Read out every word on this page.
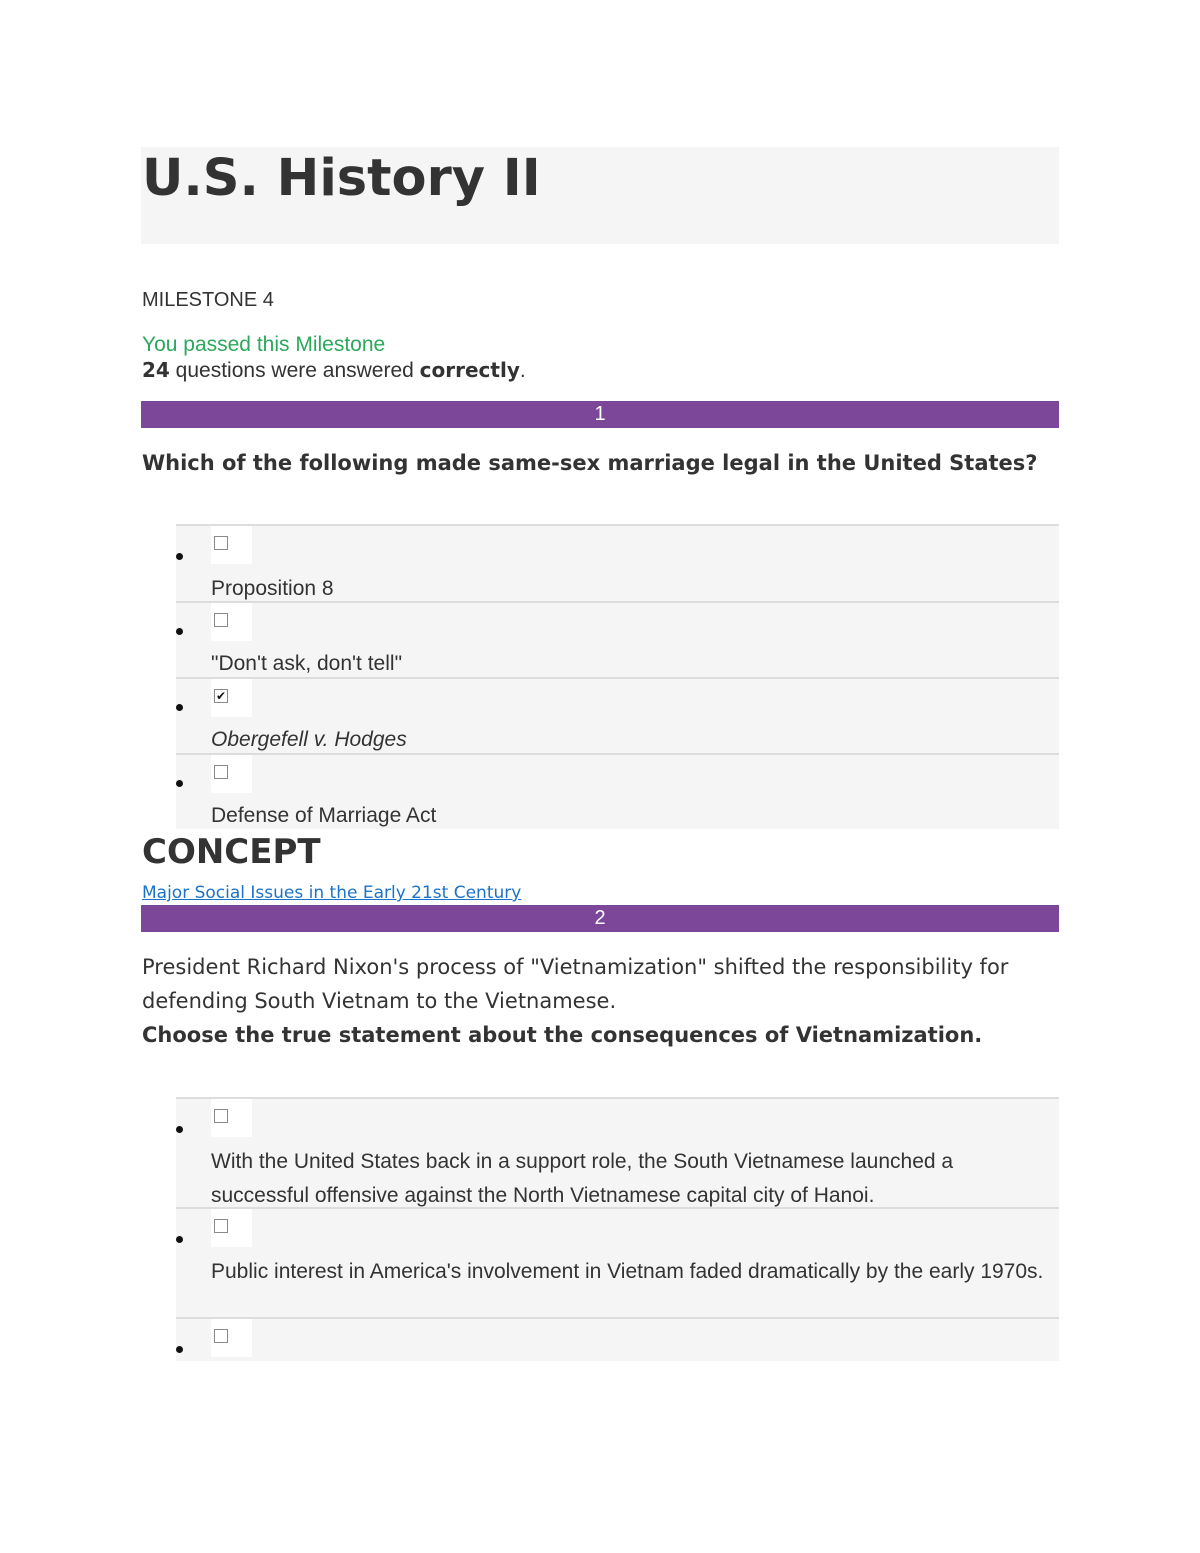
U.S. History II
MILESTONE 4
You passed this Milestone
24 questions were answered correctly.
1

Which of the following made same-sex marriage legal in the United States?

Proposition 8
"Don't ask, don't tell"
✔
Obergefell v. Hodges
Defense of Marriage Act
CONCEPT
Major Social Issues in the Early 21st Century
2

President Richard Nixon's process of "Vietnamization" shifted the responsibility for defending South Vietnam to the Vietnamese.

Choose the true statement about the consequences of Vietnamization.

With the United States back in a support role, the South Vietnamese launched a successful offensive against the North Vietnamese capital city of Hanoi.
Public interest in America's involvement in Vietnam faded dramatically by the early 1970s.
